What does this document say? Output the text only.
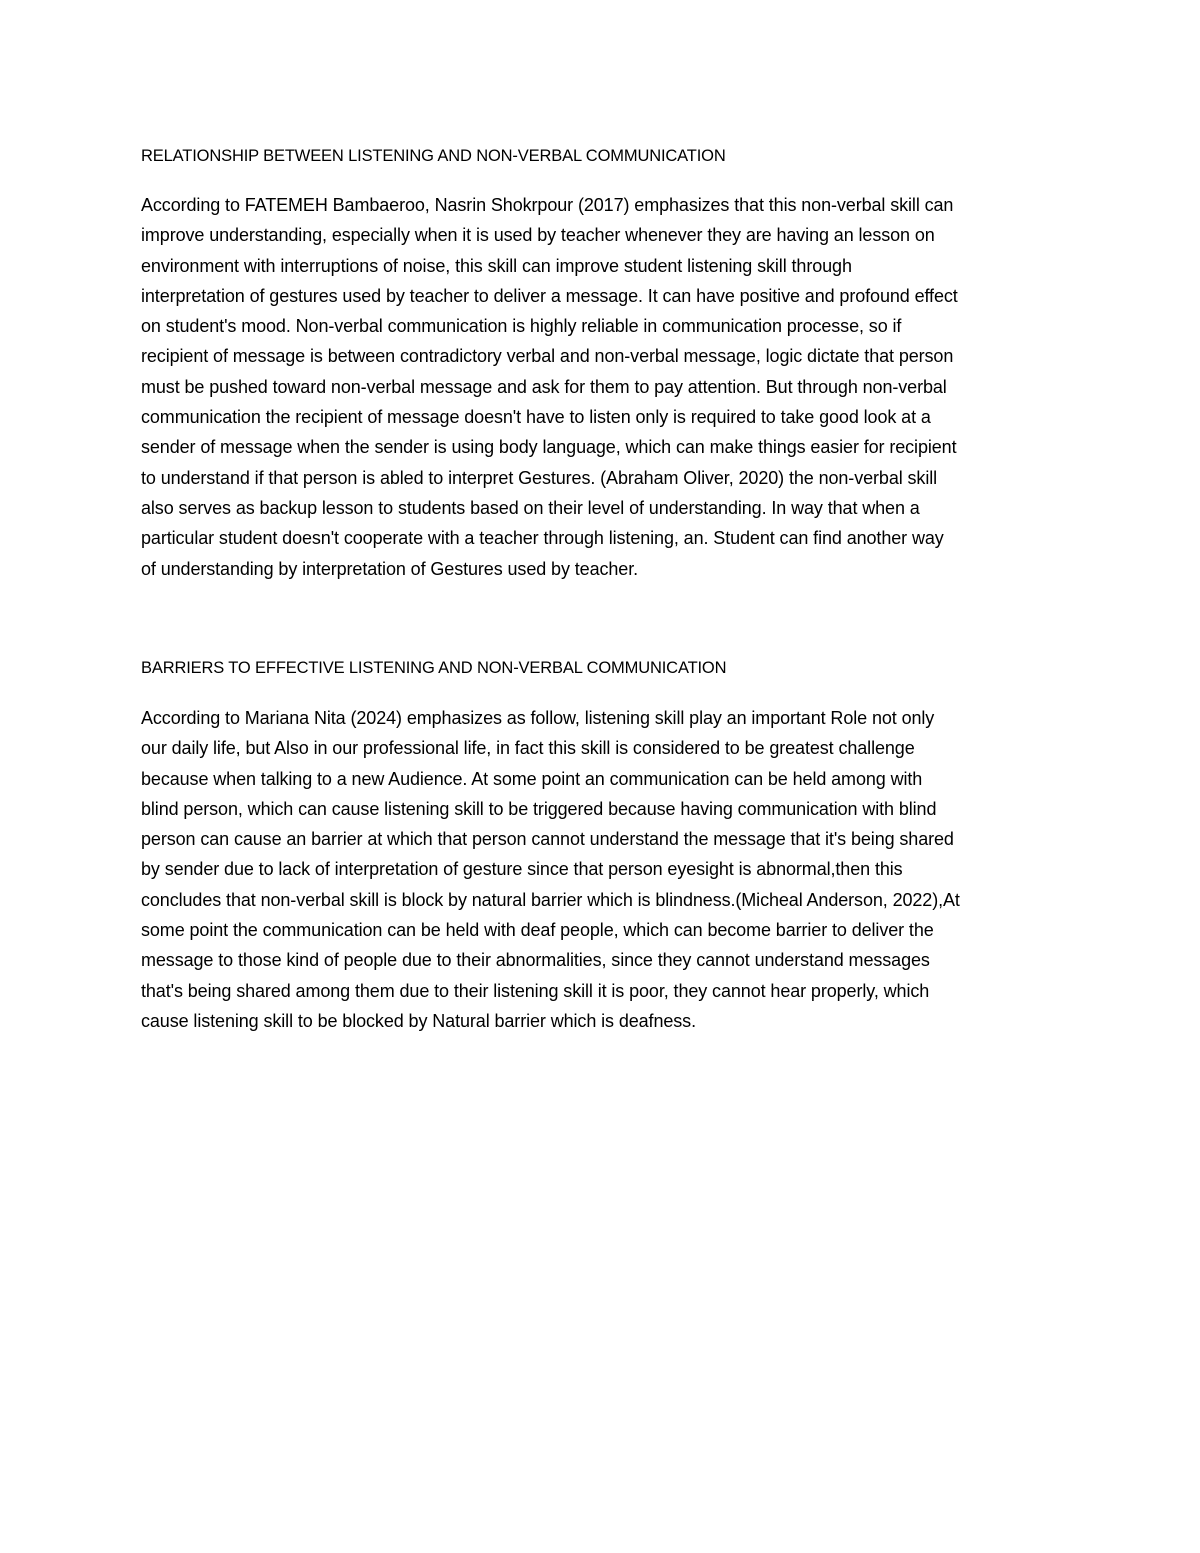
RELATIONSHIP BETWEEN LISTENING AND NON-VERBAL COMMUNICATION
According to FATEMEH Bambaeroo, Nasrin Shokrpour (2017) emphasizes that this non-verbal skill can
improve understanding, especially when it is used by teacher whenever they are having an lesson on
environment with interruptions of noise, this skill can improve student listening skill through
interpretation of gestures used by teacher to deliver a message. It can have positive and profound effect
on student's mood. Non-verbal communication is highly reliable in communication processe, so if
recipient of message is between contradictory verbal and non-verbal message, logic dictate that person
must be pushed toward non-verbal message and ask for them to pay attention. But through non-verbal
communication the recipient of message doesn't have to listen only is required to take good look at a
sender of message when the sender is using body language, which can make things easier for recipient
to understand if that person is abled to interpret Gestures. (Abraham Oliver, 2020) the non-verbal skill
also serves as backup lesson to students based on their level of understanding. In way that when a
particular student doesn't cooperate with a teacher through listening, an. Student can find another way
of understanding by interpretation of Gestures used by teacher.
BARRIERS TO EFFECTIVE LISTENING AND NON-VERBAL COMMUNICATION
According to Mariana Nita (2024) emphasizes as follow, listening skill play an important Role not only
our daily life, but Also in our professional life, in fact this skill is considered to be greatest challenge
because when talking to a new Audience. At some point an communication can be held among with
blind person, which can cause listening skill to be triggered because having communication with blind
person can cause an barrier at which that person cannot understand the message that it's being shared
by sender due to lack of interpretation of gesture since that person eyesight is abnormal,then this
concludes that non-verbal skill is block by natural barrier which is blindness.(Micheal Anderson, 2022),At
some point the communication can be held with deaf people, which can become barrier to deliver the
message to those kind of people due to their abnormalities, since they cannot understand messages
that's being shared among them due to their listening skill it is poor, they cannot hear properly, which
cause listening skill to be blocked by Natural barrier which is deafness.
